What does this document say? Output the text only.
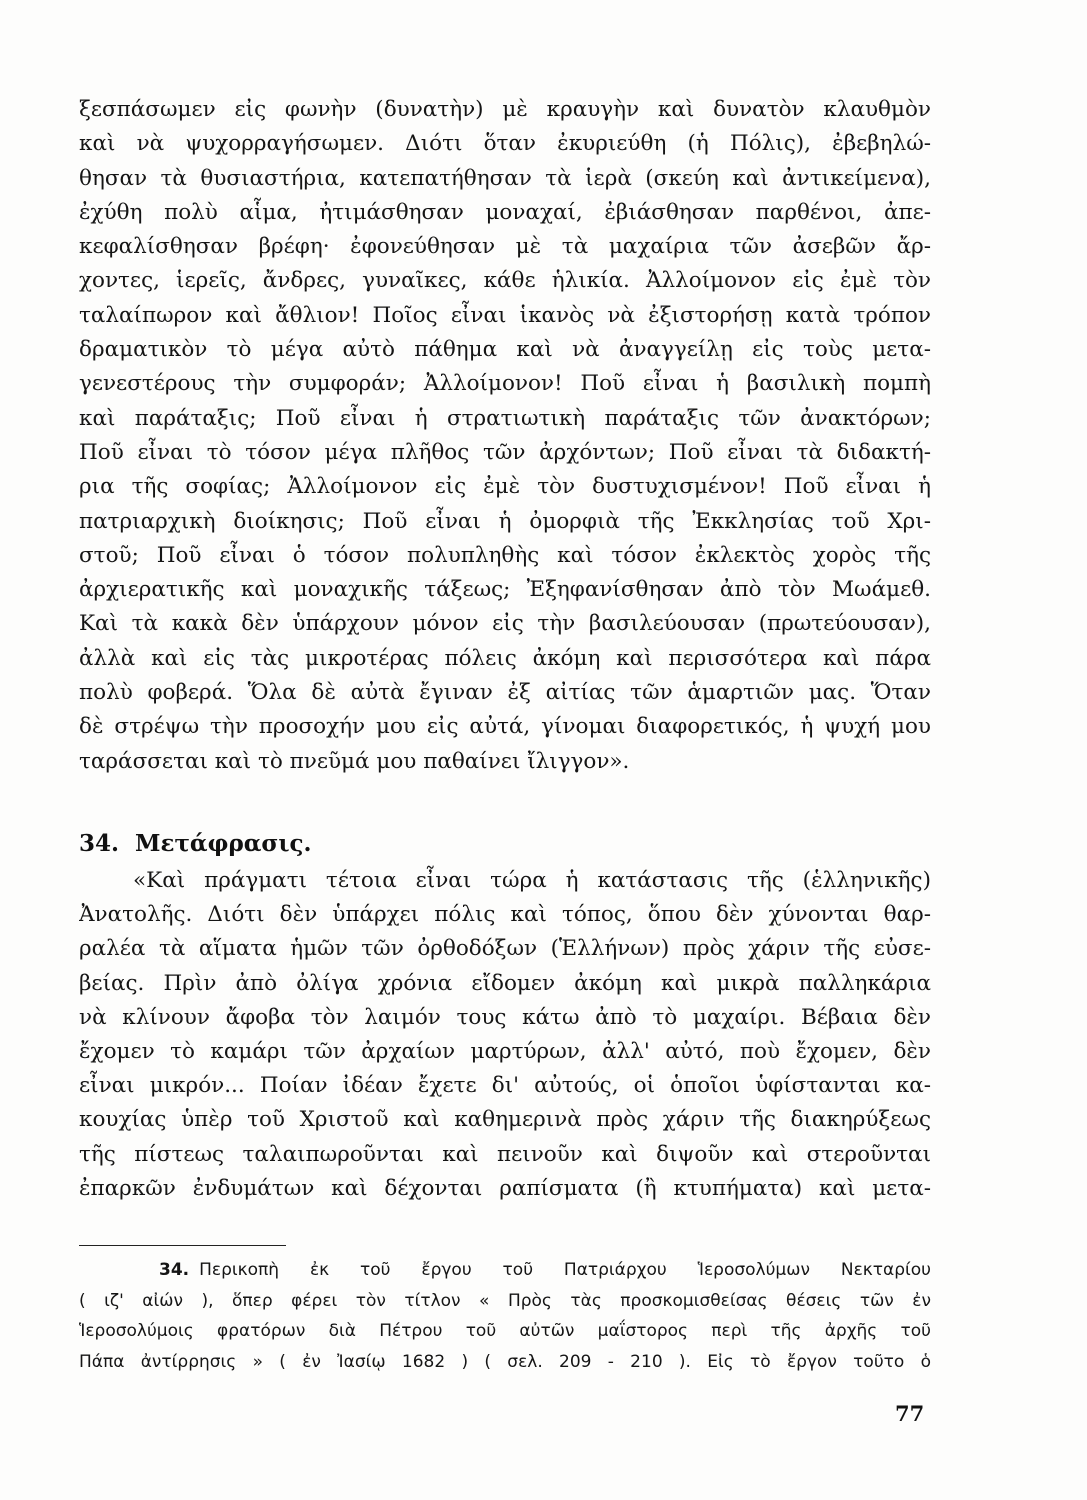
ξεσπάσωμεν εἰς φωνὴν (δυνατὴν) μὲ κραυγὴν καὶ δυνατὸν κλαυθμὸν
καὶ νὰ ψυχορραγήσωμεν. Διότι ὅταν ἐκυριεύθη (ἡ Πόλις), ἐβεβηλώ-
θησαν τὰ θυσιαστήρια, κατεπατήθησαν τὰ ἱερὰ (σκεύη καὶ ἀντικείμενα),
ἐχύθη πολὺ αἷμα, ἠτιμάσθησαν μοναχαί, ἐβιάσθησαν παρθένοι, ἀπε-
κεφαλίσθησαν βρέφη· ἐφονεύθησαν μὲ τὰ μαχαίρια τῶν ἀσεβῶν ἄρ-
χοντες, ἱερεῖς, ἄνδρες, γυναῖκες, κάθε ἡλικία. Ἀλλοίμονον εἰς ἐμὲ τὸν
ταλαίπωρον καὶ ἄθλιον! Ποῖος εἶναι ἱκανὸς νὰ ἐξιστορήσῃ κατὰ τρόπον
δραματικὸν τὸ μέγα αὐτὸ πάθημα καὶ νὰ ἀναγγείλῃ εἰς τοὺς μετα-
γενεστέρους τὴν συμφοράν; Ἀλλοίμονον! Ποῦ εἶναι ἡ βασιλικὴ πομπὴ
καὶ παράταξις; Ποῦ εἶναι ἡ στρατιωτικὴ παράταξις τῶν ἀνακτόρων;
Ποῦ εἶναι τὸ τόσον μέγα πλῆθος τῶν ἀρχόντων; Ποῦ εἶναι τὰ διδακτή-
ρια τῆς σοφίας; Ἀλλοίμονον εἰς ἐμὲ τὸν δυστυχισμένον! Ποῦ εἶναι ἡ
πατριαρχικὴ διοίκησις; Ποῦ εἶναι ἡ ὀμορφιὰ τῆς Ἐκκλησίας τοῦ Χρι-
στοῦ; Ποῦ εἶναι ὁ τόσον πολυπληθὴς καὶ τόσον ἐκλεκτὸς χορὸς τῆς
ἀρχιερατικῆς καὶ μοναχικῆς τάξεως; Ἐξηφανίσθησαν ἀπὸ τὸν Μωάμεθ.
Καὶ τὰ κακὰ δὲν ὑπάρχουν μόνον εἰς τὴν βασιλεύουσαν (πρωτεύουσαν),
ἀλλὰ καὶ εἰς τὰς μικροτέρας πόλεις ἀκόμη καὶ περισσότερα καὶ πάρα
πολὺ φοβερά. Ὅλα δὲ αὐτὰ ἔγιναν ἐξ αἰτίας τῶν ἁμαρτιῶν μας. Ὅταν
δὲ στρέψω τὴν προσοχήν μου εἰς αὐτά, γίνομαι διαφορετικός, ἡ ψυχή μου
ταράσσεται καὶ τὸ πνεῦμά μου παθαίνει ἴλιγγον».
34. Μετάφρασις.
«Καὶ πράγματι τέτοια εἶναι τώρα ἡ κατάστασις τῆς (ἑλληνικῆς)
Ἀνατολῆς. Διότι δὲν ὑπάρχει πόλις καὶ τόπος, ὅπου δὲν χύνονται θαρ-
ραλέα τὰ αἵματα ἡμῶν τῶν ὀρθοδόξων (Ἑλλήνων) πρὸς χάριν τῆς εὐσε-
βείας. Πρὶν ἀπὸ ὀλίγα χρόνια εἴδομεν ἀκόμη καὶ μικρὰ παλληκάρια
νὰ κλίνουν ἄφοβα τὸν λαιμόν τους κάτω ἀπὸ τὸ μαχαίρι. Βέβαια δὲν
ἔχομεν τὸ καμάρι τῶν ἀρχαίων μαρτύρων, ἀλλ' αὐτό, ποὺ ἔχομεν, δὲν
εἶναι μικρόν... Ποίαν ἰδέαν ἔχετε δι' αὐτούς, οἱ ὁποῖοι ὑφίστανται κα-
κουχίας ὑπὲρ τοῦ Χριστοῦ καὶ καθημερινὰ πρὸς χάριν τῆς διακηρύξεως
τῆς πίστεως ταλαιπωροῦνται καὶ πεινοῦν καὶ διψοῦν καὶ στεροῦνται
ἐπαρκῶν ἐνδυμάτων καὶ δέχονται ραπίσματα (ἢ κτυπήματα) καὶ μετα-
34. Περικοπὴ ἐκ τοῦ ἔργου τοῦ Πατριάρχου Ἱεροσολύμων Νεκταρίου
( ιζ' αἰών ), ὅπερ φέρει τὸν τίτλον « Πρὸς τὰς προσκομισθείσας θέσεις τῶν ἐν
Ἱεροσολύμοις φρατόρων διὰ Πέτρου τοῦ αὐτῶν μαΐστορος περὶ τῆς ἀρχῆς τοῦ
Πάπα ἀντίρρησις » ( ἐν Ἰασίῳ 1682 ) ( σελ. 209 - 210 ). Εἰς τὸ ἔργον τοῦτο ὁ
77
